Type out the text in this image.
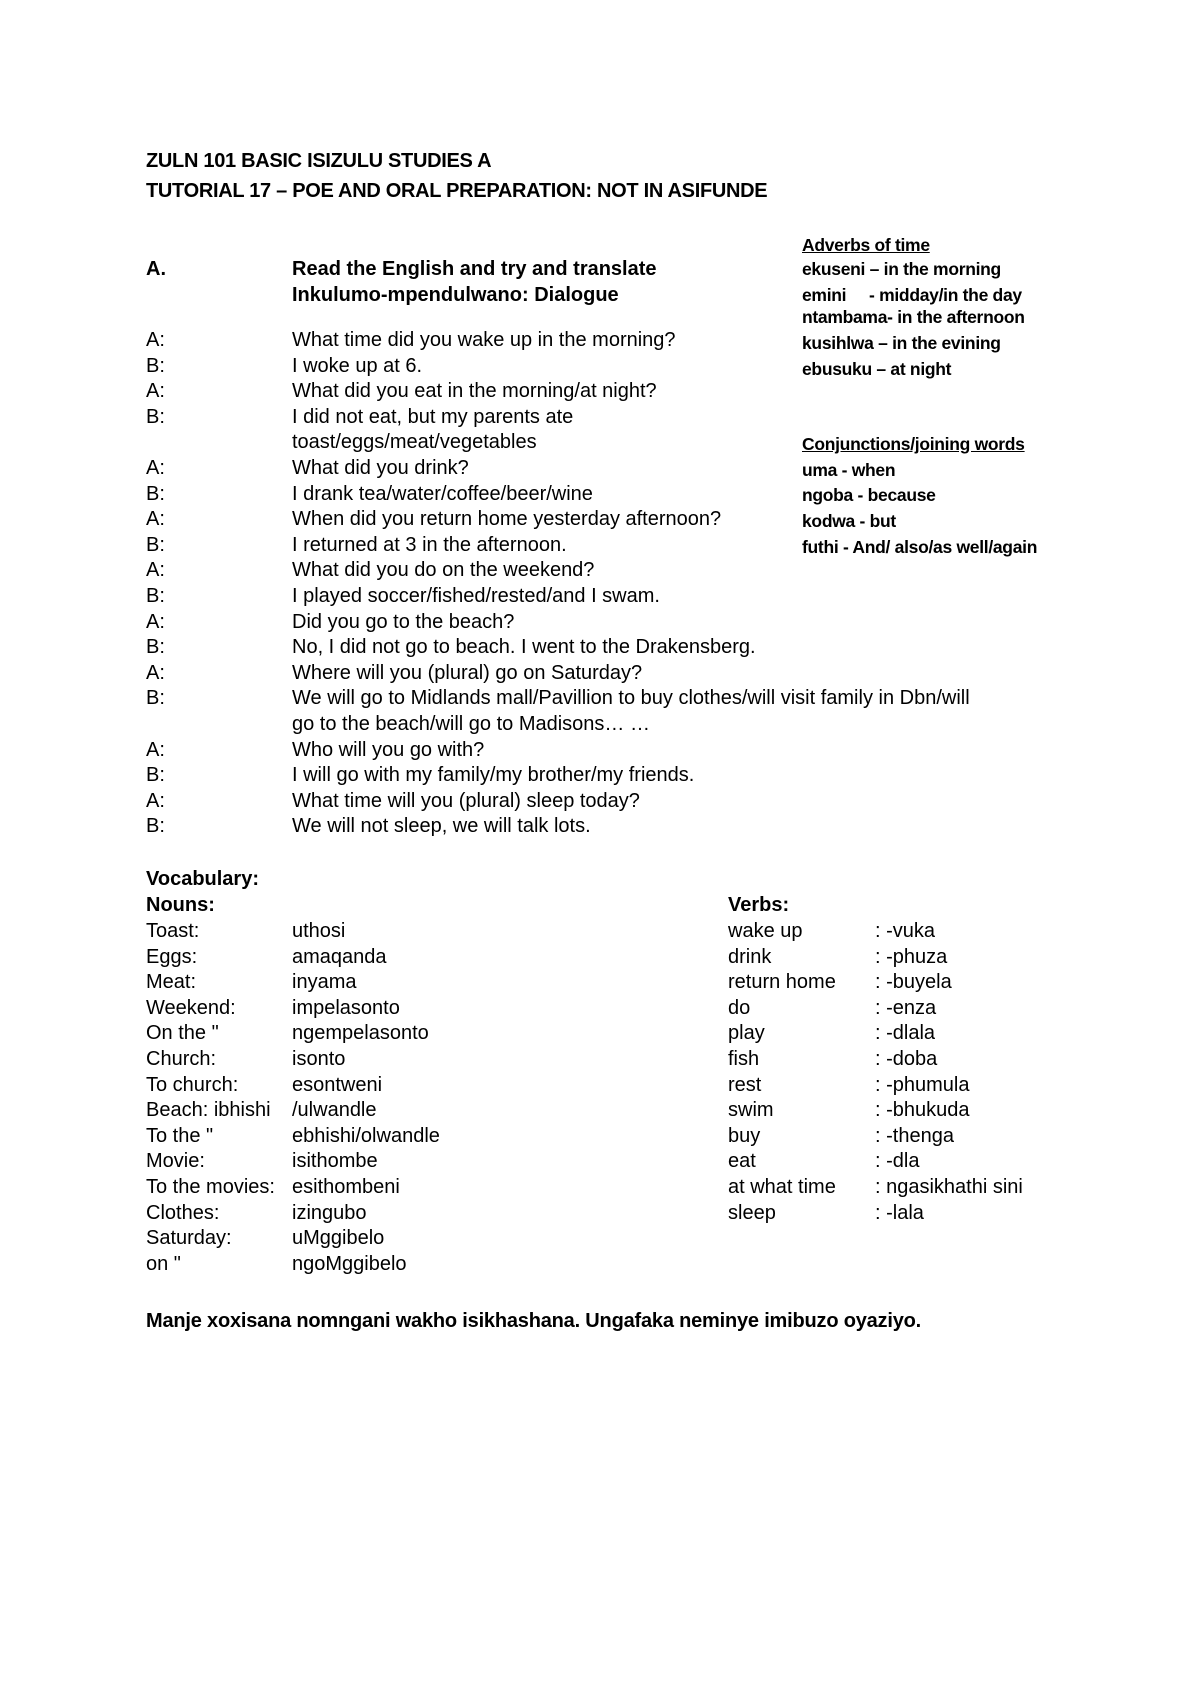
ZULN 101 BASIC ISIZULU STUDIES A
TUTORIAL 17 – POE AND ORAL PREPARATION: NOT IN ASIFUNDE
A.	Read the English and try and translate
Inkulumo-mpendulwano: Dialogue
A:	What time did you wake up in the morning?
B:	I woke up at 6.
A:	What did you eat in the morning/at night?
B:	I did not eat, but my parents ate
toast/eggs/meat/vegetables
A:	What did you drink?
B:	I drank tea/water/coffee/beer/wine
A:	When did you return home yesterday afternoon?
B:	I returned at 3 in the afternoon.
A:	What did you do on the weekend?
B:	I played soccer/fished/rested/and I swam.
A:	Did you go to the beach?
B:	No, I did not go to beach. I went to the Drakensberg.
A:	Where will you (plural) go on Saturday?
B:	We will go to Midlands mall/Pavillion to buy clothes/will visit family in Dbn/will
go to the beach/will go to Madisons… …
A:	Who will you go with?
B:	I will go with my family/my brother/my friends.
A:	What time will you (plural) sleep today?
B:	We will not sleep, we will talk lots.
Adverbs of time
ekuseni – in the morning
emini     - midday/in the day
ntambama- in the afternoon
kusihlwa – in the evining
ebusuku – at night
Conjunctions/joining words
uma - when
ngoba - because
kodwa - but
futhi - And/ also/as well/again
Vocabulary:
Nouns:	Verbs:
Toast:	uthosi
Eggs:	amaqanda
Meat:	inyama
Weekend:	impelasonto
On the "	ngempelasonto
Church:	isonto
To church:	esontweni
Beach: ibhishi /ulwandle
To the "	ebhishi/olwandle
Movie:	isithombe
To the movies: esithombeni
Clothes:	izingubo
Saturday:	uMggibelo
on "	ngoMggibelo
wake up	: -vuka
drink	: -phuza
return home : -buyela
do	: -enza
play	: -dlala
fish	: -doba
rest	: -phumula
swim	: -bhukuda
buy	: -thenga
eat	: -dla
at what time : ngasikhathi sini
sleep	: -lala
Manje xoxisana nomngani wakho isikhashana. Ungafaka neminye imibuzo oyaziyo.
